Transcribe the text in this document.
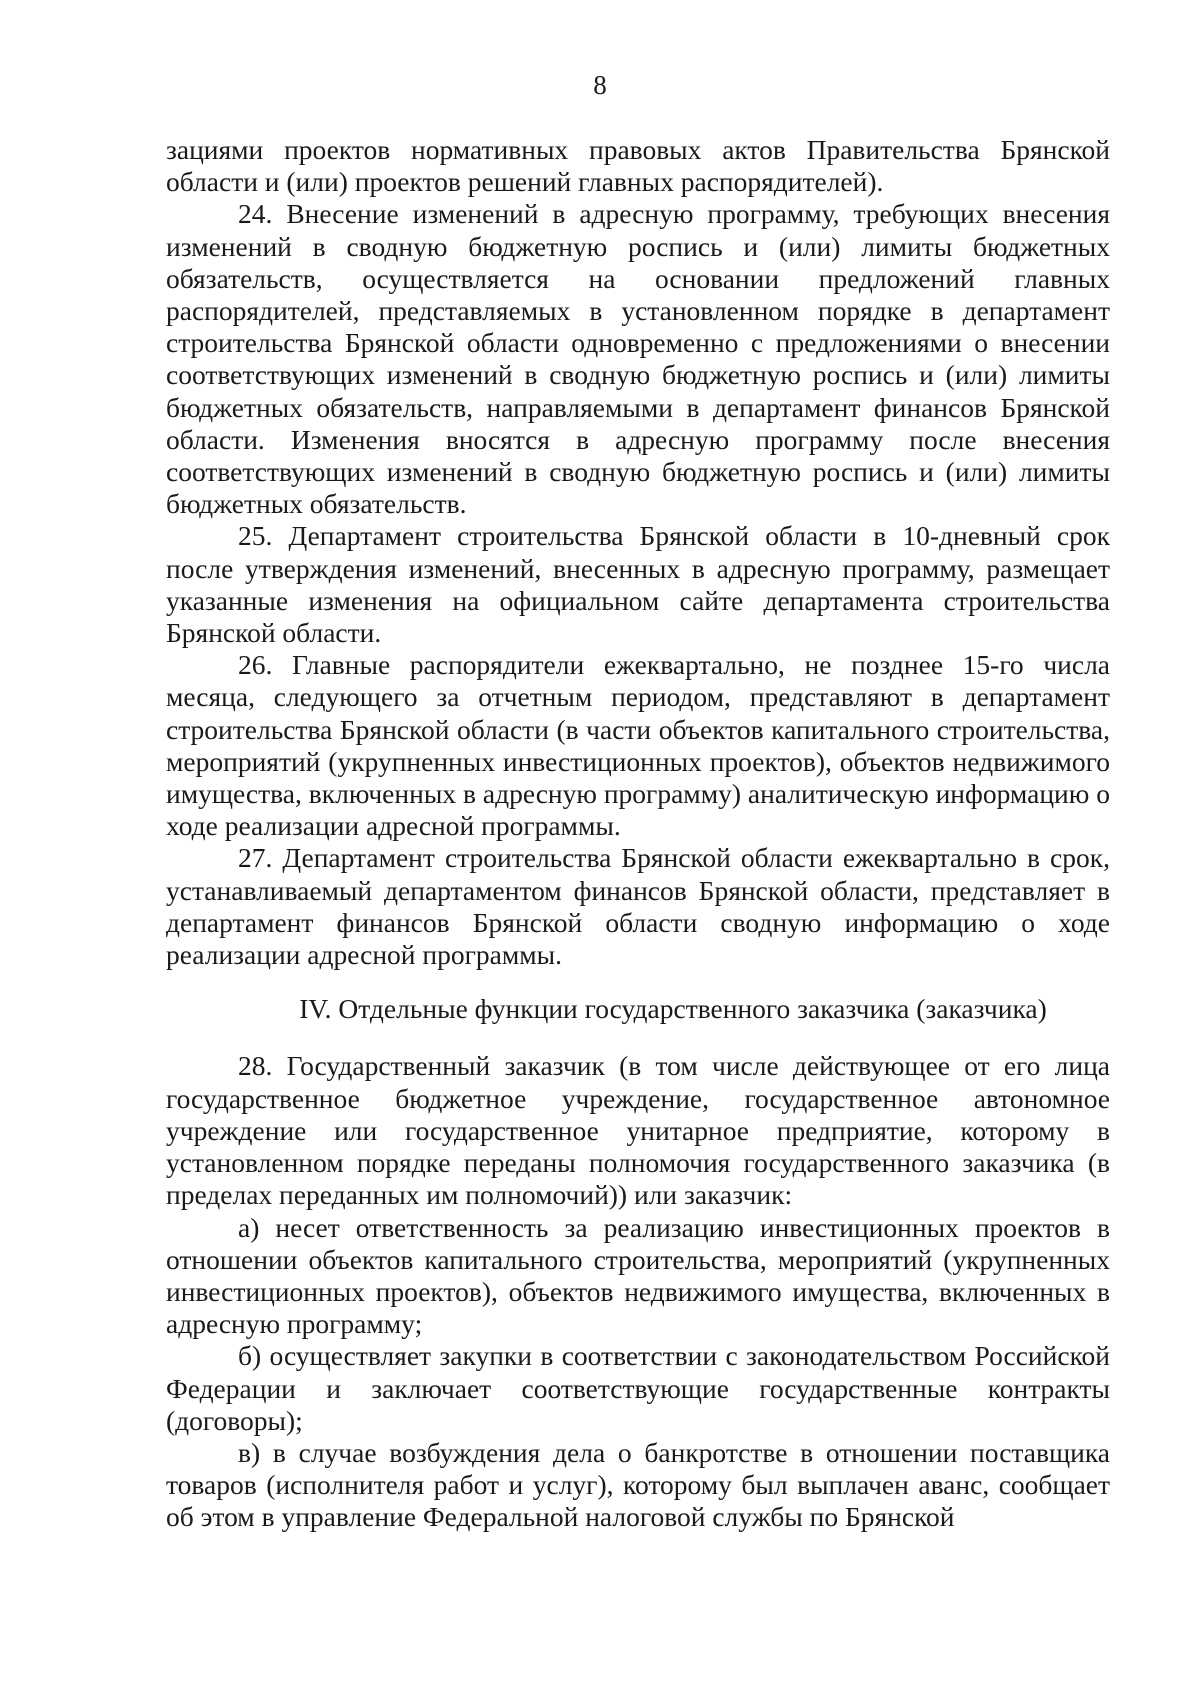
8

зациями проектов нормативных правовых актов Правительства Брянской области и (или) проектов решений главных распорядителей).

24. Внесение изменений в адресную программу, требующих внесения изменений в сводную бюджетную роспись и (или) лимиты бюджетных обязательств, осуществляется на основании предложений главных распорядителей, представляемых в установленном порядке в департамент строительства Брянской области одновременно с предложениями о внесении соответствующих изменений в сводную бюджетную роспись и (или) лимиты бюджетных обязательств, направляемыми в департамент финансов Брянской области. Изменения вносятся в адресную программу после внесения соответствующих изменений в сводную бюджетную роспись и (или) лимиты бюджетных обязательств.

25. Департамент строительства Брянской области в 10-дневный срок после утверждения изменений, внесенных в адресную программу, размещает указанные изменения на официальном сайте департамента строительства Брянской области.

26. Главные распорядители ежеквартально, не позднее 15-го числа месяца, следующего за отчетным периодом, представляют в департамент строительства Брянской области (в части объектов капитального строительства, мероприятий (укрупненных инвестиционных проектов), объектов недвижимого имущества, включенных в адресную программу) аналитическую информацию о ходе реализации адресной программы.

27. Департамент строительства Брянской области ежеквартально в срок, устанавливаемый департаментом финансов Брянской области, представляет в департамент финансов Брянской области сводную информацию о ходе реализации адресной программы.

IV. Отдельные функции государственного заказчика (заказчика)

28. Государственный заказчик (в том числе действующее от его лица государственное бюджетное учреждение, государственное автономное учреждение или государственное унитарное предприятие, которому в установленном порядке переданы полномочия государственного заказчика (в пределах переданных им полномочий)) или заказчик:

а) несет ответственность за реализацию инвестиционных проектов в отношении объектов капитального строительства, мероприятий (укрупненных инвестиционных проектов), объектов недвижимого имущества, включенных в адресную программу;

б) осуществляет закупки в соответствии с законодательством Российской Федерации и заключает соответствующие государственные контракты (договоры);

в) в случае возбуждения дела о банкротстве в отношении поставщика товаров (исполнителя работ и услуг), которому был выплачен аванс, сообщает об этом в управление Федеральной налоговой службы по Брянской
